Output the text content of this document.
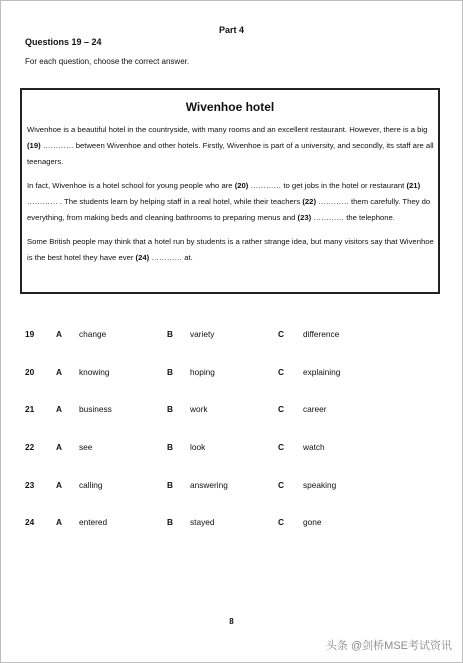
Part 4
Questions 19 – 24
For each question, choose the correct answer.
Wivenhoe hotel

Wivenhoe is a beautiful hotel in the countryside, with many rooms and an excellent restaurant. However, there is a big (19) ………… between Wivenhoe and other hotels. Firstly, Wivenhoe is part of a university, and secondly, its staff are all teenagers.

In fact, Wivenhoe is a hotel school for young people who are (20) ………… to get jobs in the hotel or restaurant (21) ………… . The students learn by helping staff in a real hotel, while their teachers (22) ………… them carefully. They do everything, from making beds and cleaning bathrooms to preparing menus and (23) ………… the telephone.

Some British people may think that a hotel run by students is a rather strange idea, but many visitors say that Wivenhoe is the best hotel they have ever (24) ………… at.

19	A change	B variety	C difference
20	A knowing	B hoping	C explaining
21	A business	B work	C career
22	A see	B look	C watch
23	A calling	B answering	C speaking
24	A entered	B stayed	C gone
8
头条 @剑桥MSE考试资讯
